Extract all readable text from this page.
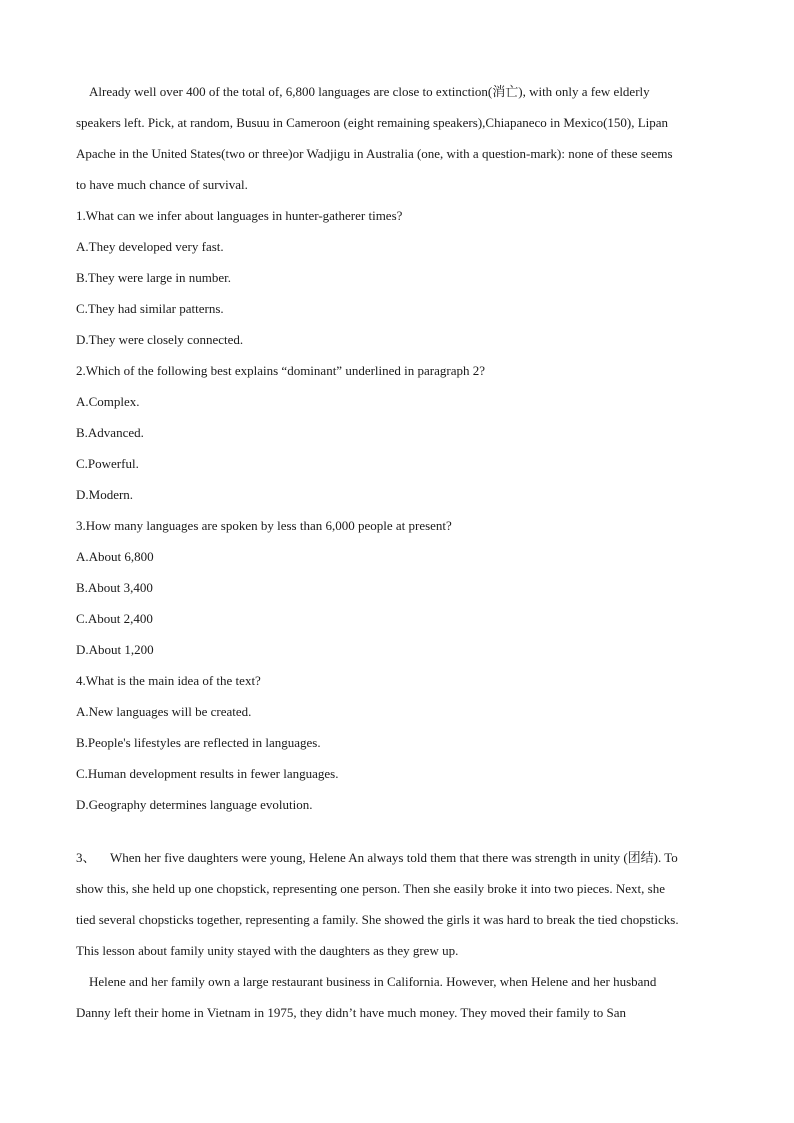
Already well over 400 of the total of, 6,800 languages are close to extinction(消亡), with only a few elderly

speakers left. Pick, at random, Busuu in Cameroon (eight remaining speakers),Chiapaneco in Mexico(150), Lipan

Apache in the United States(two or three)or Wadjigu in Australia (one, with a question-mark): none of these seems

to have much chance of survival.

1.What can we infer about languages in hunter-gatherer times?

A.They developed very fast.

B.They were large in number.

C.They had similar patterns.

D.They were closely connected.

2.Which of the following best explains “dominant” underlined in paragraph 2?

A.Complex.

B.Advanced.

C.Powerful.

D.Modern.

3.How many languages are spoken by less than 6,000 people at present?

A.About 6,800

B.About 3,400

C.About 2,400

D.About 1,200

4.What is the main idea of the text?

A.New languages will be created.

B.People's lifestyles are reflected in languages.

C.Human development results in fewer languages.

D.Geography determines language evolution.

3、 When her five daughters were young, Helene An always told them that there was strength in unity (团结). To

show this, she held up one chopstick, representing one person. Then she easily broke it into two pieces. Next, she

tied several chopsticks together, representing a family. She showed the girls it was hard to break the tied chopsticks.

This lesson about family unity stayed with the daughters as they grew up.

Helene and her family own a large restaurant business in California. However, when Helene and her husband

Danny left their home in Vietnam in 1975, they didn’t have much money. They moved their family to San
